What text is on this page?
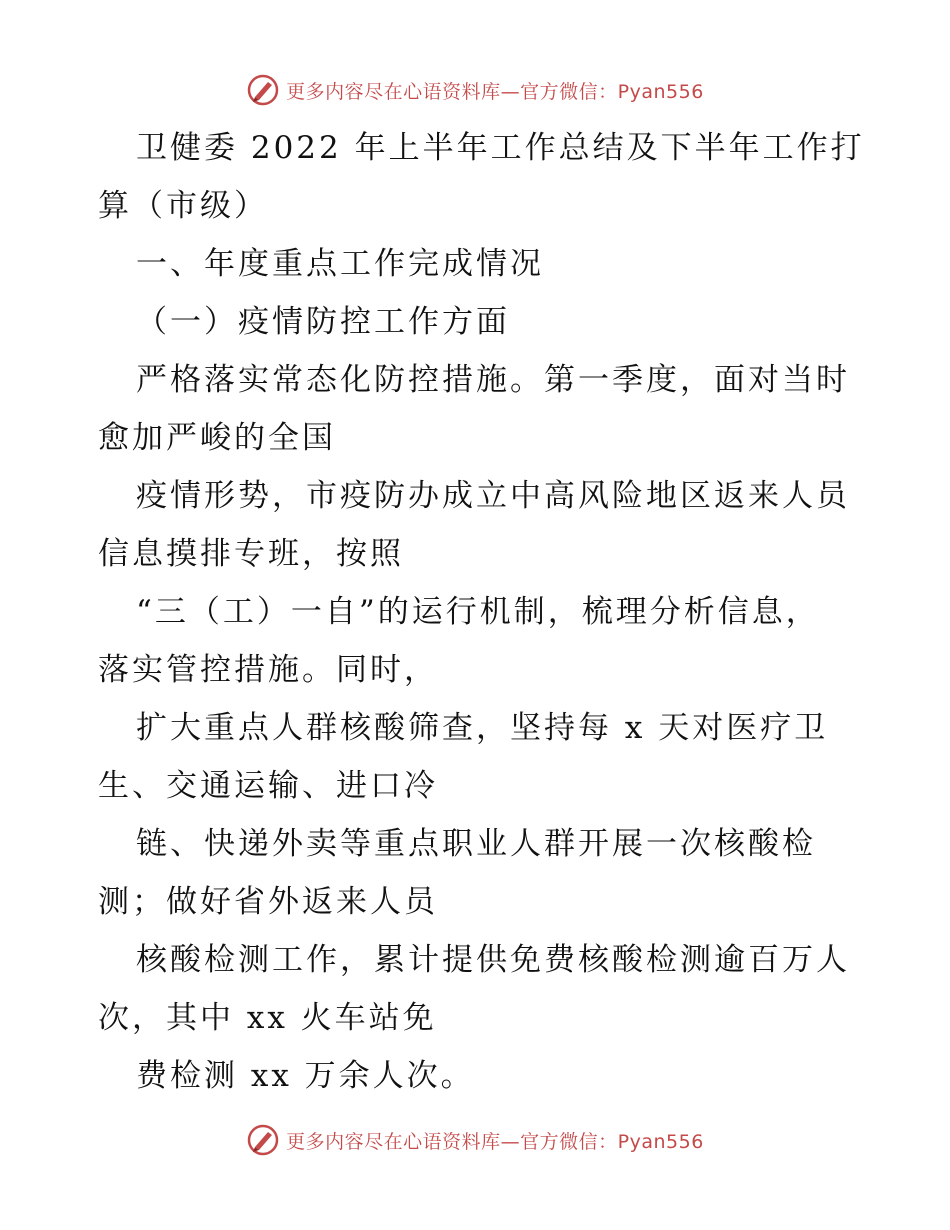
更多内容尽在心语资料库—官方微信：Pyan556
卫健委 2022 年上半年工作总结及下半年工作打
算（市级）
一、年度重点工作完成情况
（一）疫情防控工作方面
严格落实常态化防控措施。第一季度，面对当时
愈加严峻的全国
疫情形势，市疫防办成立中高风险地区返来人员
信息摸排专班，按照
“三（工）一自”的运行机制，梳理分析信息，
落实管控措施。同时，
扩大重点人群核酸筛查，坚持每 x 天对医疗卫
生、交通运输、进口冷
链、快递外卖等重点职业人群开展一次核酸检
测；做好省外返来人员
核酸检测工作，累计提供免费核酸检测逾百万人
次，其中 xx 火车站免
费检测 xx 万余人次。
更多内容尽在心语资料库—官方微信：Pyan556
